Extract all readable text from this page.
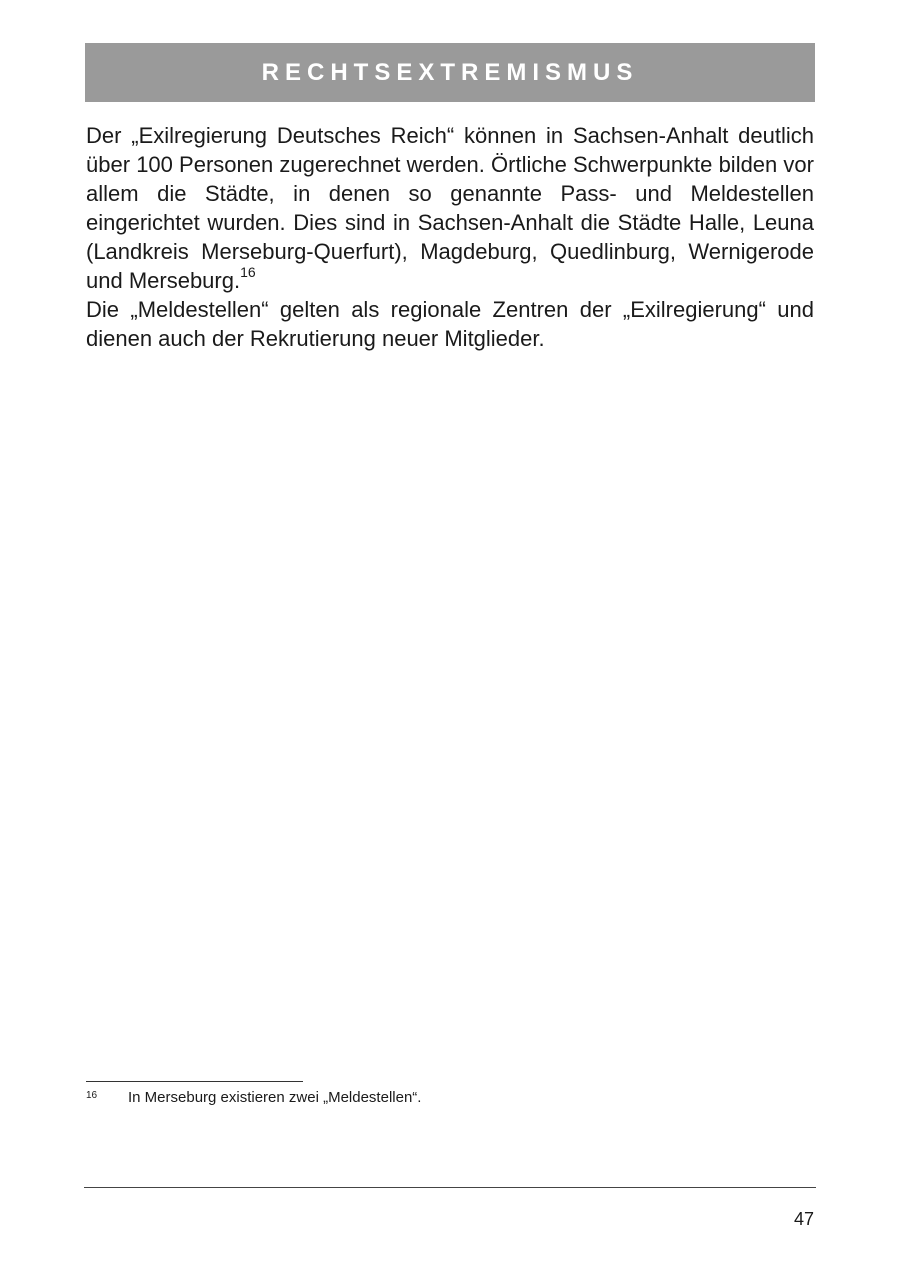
RECHTSEXTREMISMUS

Der „Exilregierung Deutsches Reich“ können in Sachsen-Anhalt deutlich über 100 Personen zugerechnet werden. Örtliche Schwerpunkte bilden vor allem die Städte, in denen so genannte Pass- und Meldestellen eingerichtet wurden. Dies sind in Sachsen-Anhalt die Städte Halle, Leuna (Landkreis Merseburg-Querfurt), Magdeburg, Quedlinburg, Wernigerode und Merseburg.$^{16}$

Die „Meldestellen“ gelten als regionale Zentren der „Exilregierung“ und dienen auch der Rekrutierung neuer Mitglieder.

16 In Merseburg existieren zwei „Meldestellen“.
47
